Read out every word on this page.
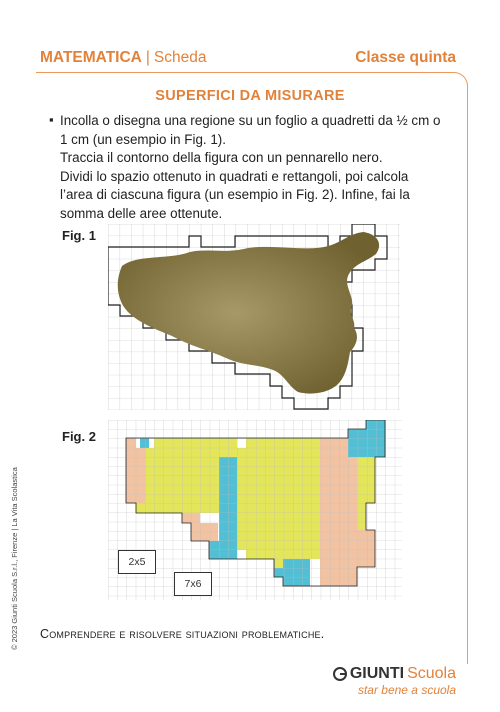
MATEMATICA | Scheda	Classe quinta
SUPERFICI DA MISURARE
▪ Incolla o disegna una regione su un foglio a quadretti da ½ cm o
1 cm (un esempio in Fig. 1).
Traccia il contorno della figura con un pennarello nero.
Dividi lo spazio ottenuto in quadrati e rettangoli, poi calcola
l’area di ciascuna figura (un esempio in Fig. 2). Infine, fai la
somma delle aree ottenute.
Fig. 1
Fig. 2
2x5
7x6
Comprendere e risolvere situazioni problematiche.
© 2023 Giunti Scuola S.r.l., Firenze | La Vita Scolastica
GIUNTI Scuola
star bene a scuola
